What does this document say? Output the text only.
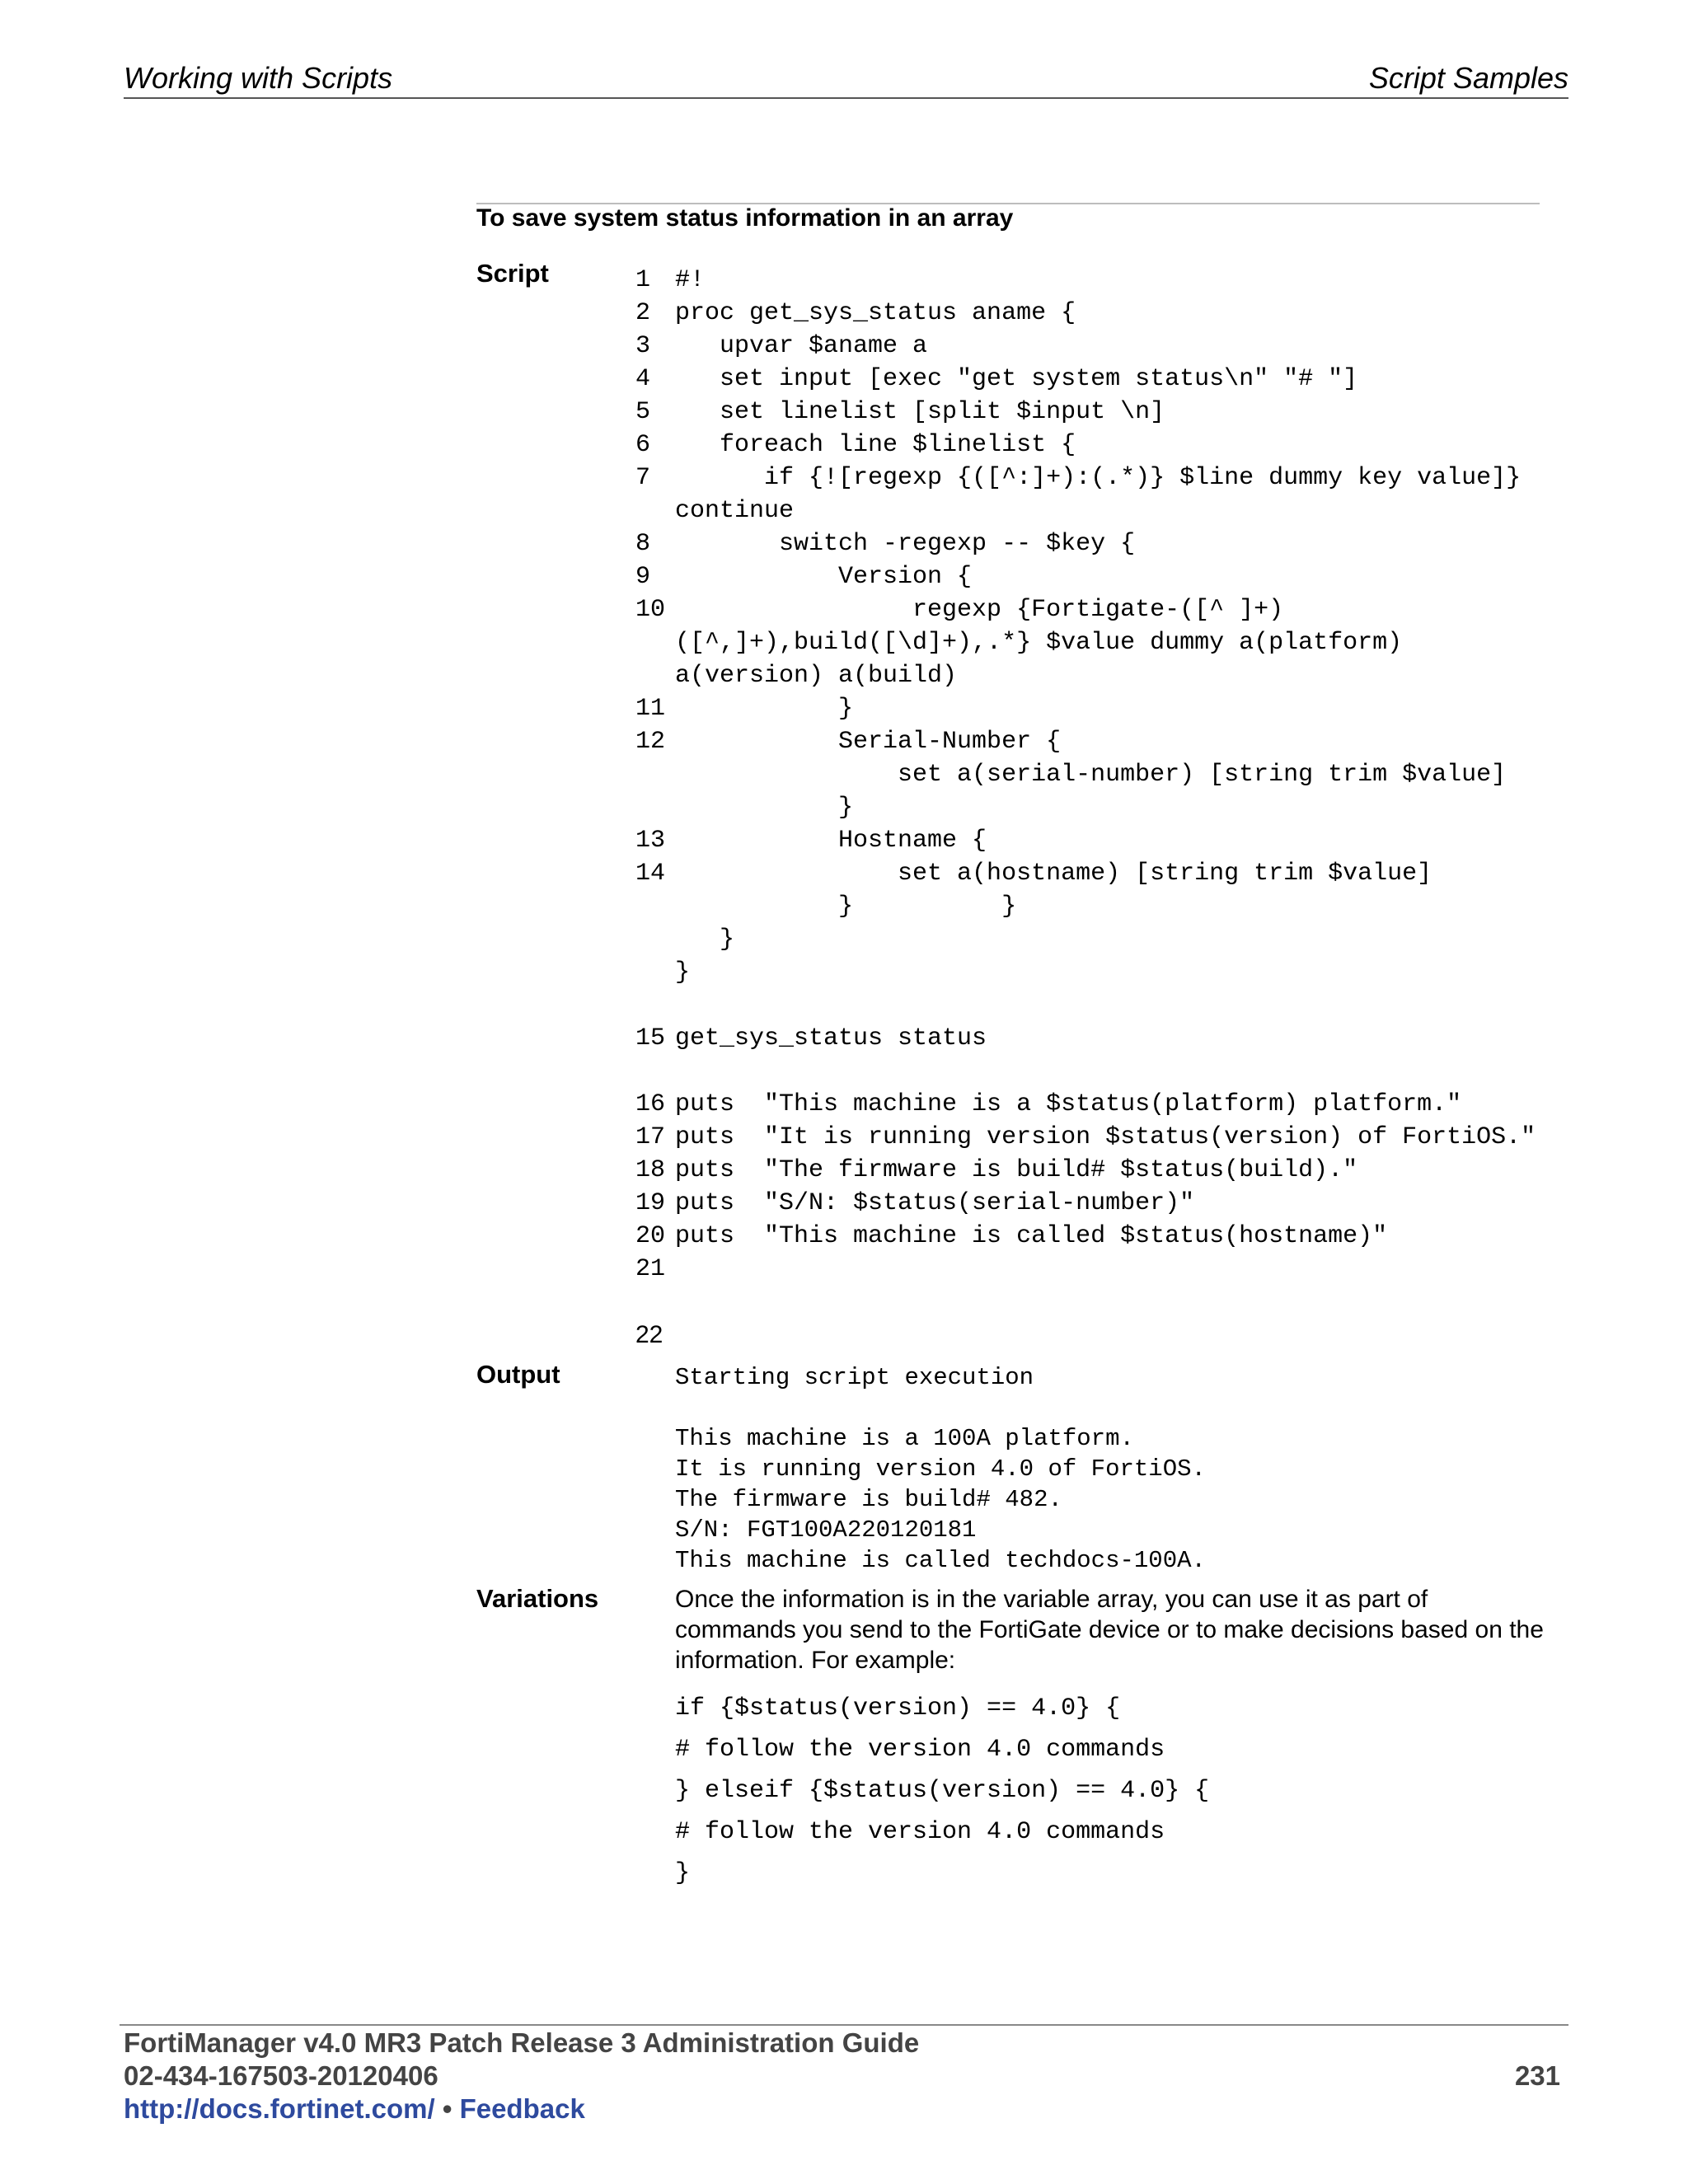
Working with Scripts	Script Samples
To save system status information in an array
Script
Output
Variations
1 #!
2 proc get_sys_status aname {
3 upvar $aname a
4 set input [exec "get system status\n" "# "]
5 set linelist [split $input \n]
6 foreach line $linelist {
7 if {![regexp {([^:]+):(.*)} $line dummy key value]}
continue
8 switch -regexp -- $key {
9 Version {
10 regexp {Fortigate-([^ ]+)
([^,]+),build([\d]+),.*} $value dummy a(platform)
a(version) a(build)
11 }
12 Serial-Number {
set a(serial-number) [string trim $value]
}
13 Hostname {
14 set a(hostname) [string trim $value]
}          }
}
}
15 get_sys_status status
16 puts  "This machine is a $status(platform) platform."
17 puts  "It is running version $status(version) of FortiOS."
18 puts  "The firmware is build# $status(build)."
19 puts  "S/N: $status(serial-number)"
20 puts  "This machine is called $status(hostname)"
21
22
Starting script execution
This machine is a 100A platform.
It is running version 4.0 of FortiOS.
The firmware is build# 482.
S/N: FGT100A220120181
This machine is called techdocs-100A.
Once the information is in the variable array, you can use it as part of commands you send to the FortiGate device or to make decisions based on the information. For example:
if {$status(version) == 4.0} {
# follow the version 4.0 commands
} elseif {$status(version) == 4.0} {
# follow the version 4.0 commands
}
FortiManager v4.0 MR3 Patch Release 3 Administration Guide
02-434-167503-20120406
http://docs.fortinet.com/ • Feedback
231
